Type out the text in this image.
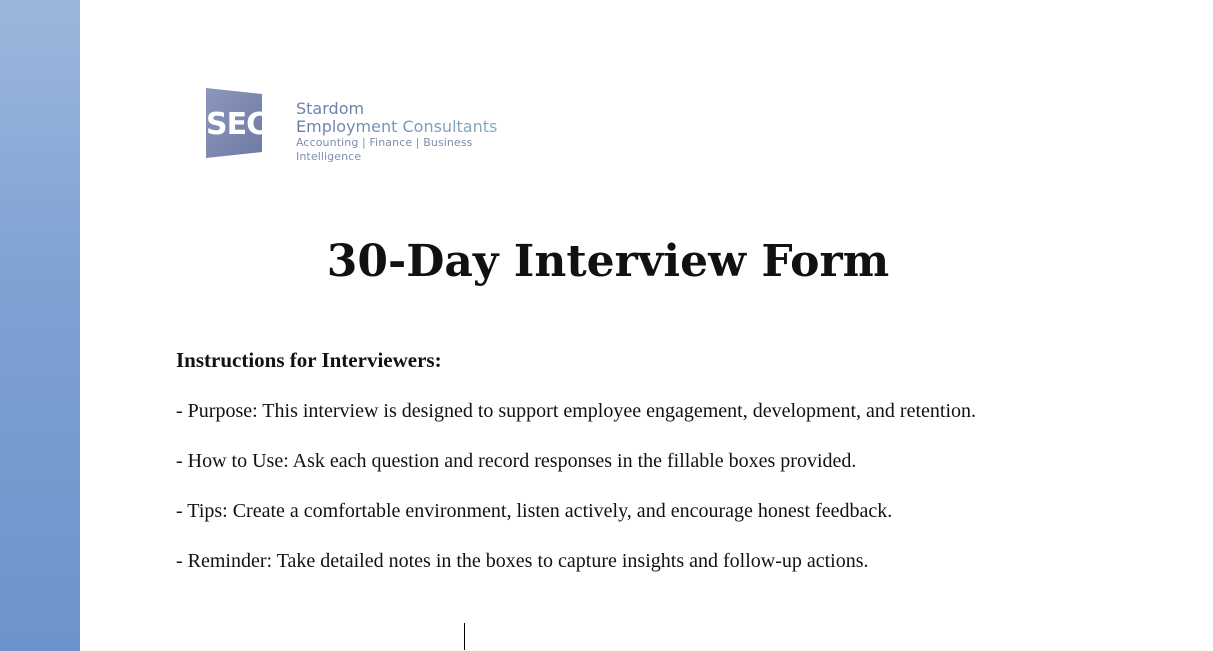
SEC Stardom
Employment Consultants
Accounting | Finance | Business Intelligence
30-Day Interview Form
Instructions for Interviewers:
- Purpose: This interview is designed to support employee engagement, development, and retention.
- How to Use: Ask each question and record responses in the fillable boxes provided.
- Tips: Create a comfortable environment, listen actively, and encourage honest feedback.
- Reminder: Take detailed notes in the boxes to capture insights and follow-up actions.
